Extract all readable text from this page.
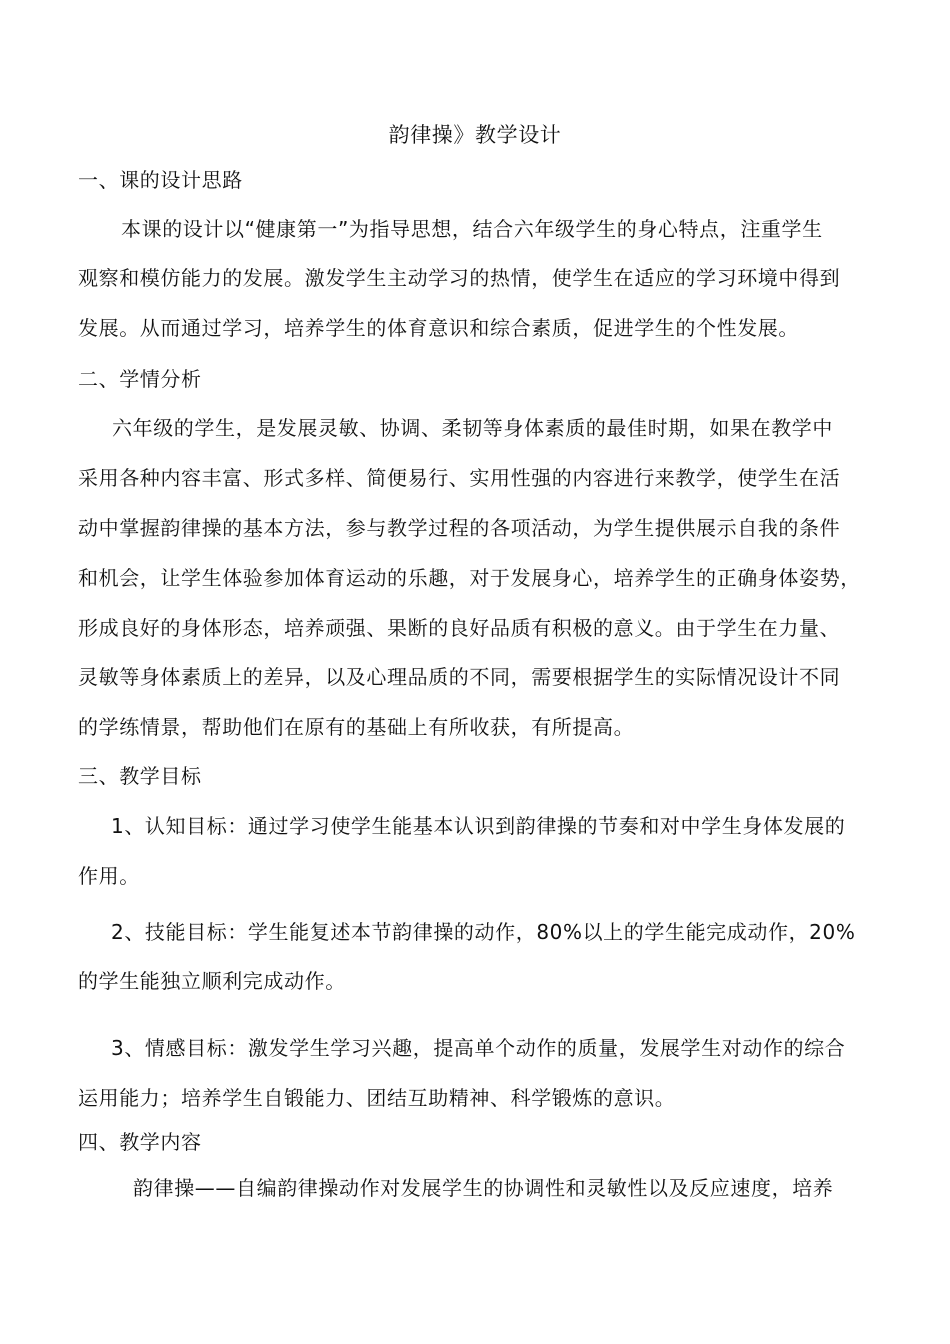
韵律操》教学设计
一、课的设计思路
本课的设计以“健康第一”为指导思想，结合六年级学生的身心特点，注重学生
观察和模仿能力的发展。激发学生主动学习的热情，使学生在适应的学习环境中得到
发展。从而通过学习，培养学生的体育意识和综合素质，促进学生的个性发展。
二、学情分析
六年级的学生，是发展灵敏、协调、柔韧等身体素质的最佳时期，如果在教学中
采用各种内容丰富、形式多样、简便易行、实用性强的内容进行来教学，使学生在活
动中掌握韵律操的基本方法，参与教学过程的各项活动，为学生提供展示自我的条件
和机会，让学生体验参加体育运动的乐趣，对于发展身心，培养学生的正确身体姿势，
形成良好的身体形态，培养顽强、果断的良好品质有积极的意义。由于学生在力量、
灵敏等身体素质上的差异，以及心理品质的不同，需要根据学生的实际情况设计不同
的学练情景，帮助他们在原有的基础上有所收获，有所提高。
三、教学目标
1、认知目标：通过学习使学生能基本认识到韵律操的节奏和对中学生身体发展的
作用。
2、技能目标：学生能复述本节韵律操的动作，80%以上的学生能完成动作，20%
的学生能独立顺利完成动作。
3、情感目标：激发学生学习兴趣，提高单个动作的质量，发展学生对动作的综合
运用能力；培养学生自锻能力、团结互助精神、科学锻炼的意识。
四、教学内容
韵律操——自编韵律操动作对发展学生的协调性和灵敏性以及反应速度，培养
